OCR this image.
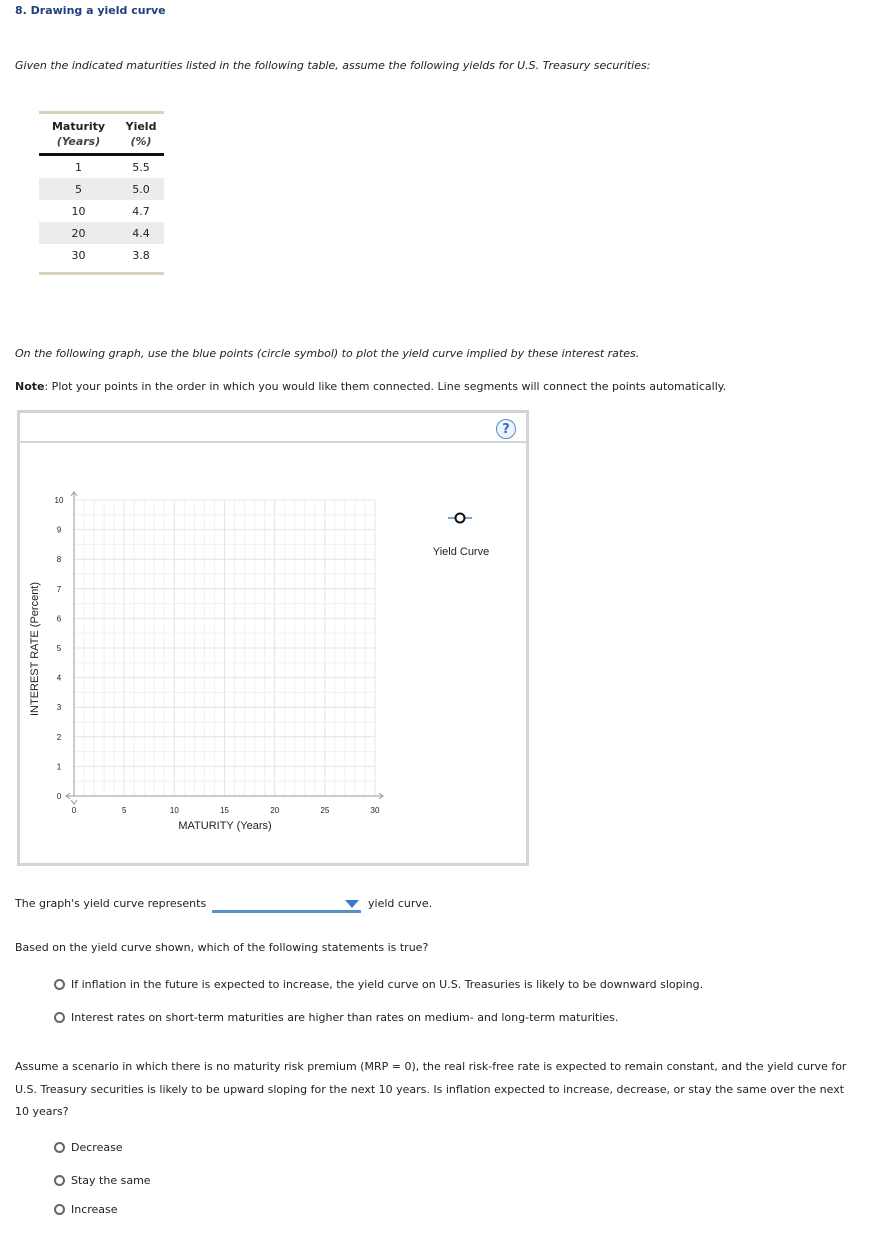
8. Drawing a yield curve
Given the indicated maturities listed in the following table, assume the following yields for U.S. Treasury securities:
Maturity	Yield
(Years)	(%)
1	5.5
5	5.0
10	4.7
20	4.4
30	3.8
On the following graph, use the blue points (circle symbol) to plot the yield curve implied by these interest rates.
Note: Plot your points in the order in which you would like them connected. Line segments will connect the points automatically.
?
INTEREST RATE (Percent)
0
1
2
3
4
5
6
7
8
9
10
0	5	10	15	20	25	30
MATURITY (Years)
Yield Curve
The graph's yield curve represents	yield curve.
Based on the yield curve shown, which of the following statements is true?
If inflation in the future is expected to increase, the yield curve on U.S. Treasuries is likely to be downward sloping.
Interest rates on short-term maturities are higher than rates on medium- and long-term maturities.
Assume a scenario in which there is no maturity risk premium (MRP = 0), the real risk-free rate is expected to remain constant, and the yield curve for U.S. Treasury securities is likely to be upward sloping for the next 10 years. Is inflation expected to increase, decrease, or stay the same over the next 10 years?
Decrease
Stay the same
Increase
